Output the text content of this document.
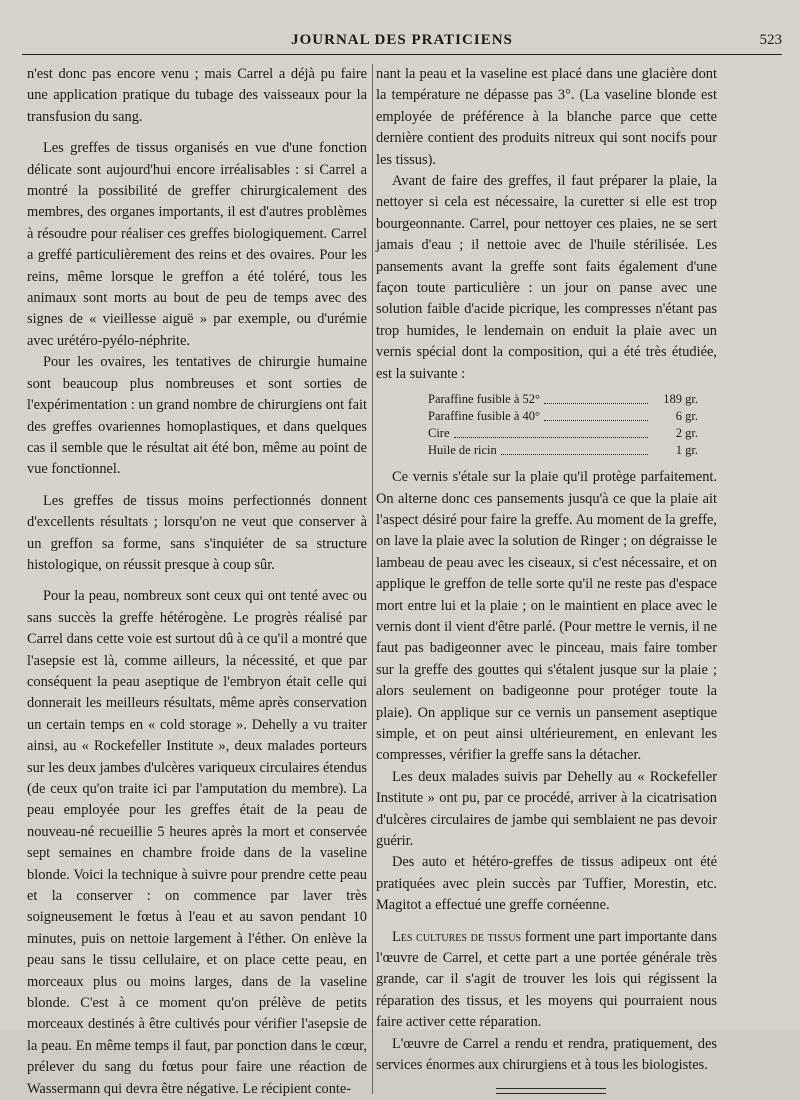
JOURNAL DES PRATICIENS	523

n'est donc pas encore venu ; mais Carrel a déjà pu faire une application pratique du tubage des vaisseaux pour la transfusion du sang.

Les greffes de tissus organisés en vue d'une fonction délicate sont aujourd'hui encore irréalisables : si Carrel a montré la possibilité de greffer chirurgicalement des membres, des organes importants, il est d'autres problèmes à résoudre pour réaliser ces greffes biologiquement. Carrel a greffé particulièrement des reins et des ovaires. Pour les reins, même lorsque le greffon a été toléré, tous les animaux sont morts au bout de peu de temps avec des signes de « vieillesse aiguë » par exemple, ou d'urémie avec urétéro-pyélo-néphrite.

Pour les ovaires, les tentatives de chirurgie humaine sont beaucoup plus nombreuses et sont sorties de l'expérimentation : un grand nombre de chirurgiens ont fait des greffes ovariennes homoplastiques, et dans quelques cas il semble que le résultat ait été bon, même au point de vue fonctionnel.

Les greffes de tissus moins perfectionnés donnent d'excellents résultats ; lorsqu'on ne veut que conserver à un greffon sa forme, sans s'inquiéter de sa structure histologique, on réussit presque à coup sûr.

Pour la peau, nombreux sont ceux qui ont tenté avec ou sans succès la greffe hétérogène. Le progrès réalisé par Carrel dans cette voie est surtout dû à ce qu'il a montré que l'asepsie est là, comme ailleurs, la nécessité, et que par conséquent la peau aseptique de l'embryon était celle qui donnerait les meilleurs résultats, même après conservation un certain temps en « cold storage ». Dehelly a vu traiter ainsi, au « Rockefeller Institute », deux malades porteurs sur les deux jambes d'ulcères variqueux circulaires étendus (de ceux qu'on traite ici par l'amputation du membre). La peau employée pour les greffes était de la peau de nouveau-né recueillie 5 heures après la mort et conservée sept semaines en chambre froide dans de la vaseline blonde. Voici la technique à suivre pour prendre cette peau et la conserver : on commence par laver très soigneusement le fœtus à l'eau et au savon pendant 10 minutes, puis on nettoie largement à l'éther. On enlève la peau sans le tissu cellulaire, et on place cette peau, en morceaux plus ou moins larges, dans de la vaseline blonde. C'est à ce moment qu'on prélève de petits morceaux destinés à être cultivés pour vérifier l'asepsie de la peau. En même temps il faut, par ponction dans le cœur, prélever du sang du fœtus pour faire une réaction de Wassermann qui devra être négative. Le récipient conte-

nant la peau et la vaseline est placé dans une glacière dont la température ne dépasse pas 3°. (La vaseline blonde est employée de préférence à la blanche parce que cette dernière contient des produits nitreux qui sont nocifs pour les tissus).

Avant de faire des greffes, il faut préparer la plaie, la nettoyer si cela est nécessaire, la curetter si elle est trop bourgeonnante. Carrel, pour nettoyer ces plaies, ne se sert jamais d'eau ; il nettoie avec de l'huile stérilisée. Les pansements avant la greffe sont faits également d'une façon toute particulière : un jour on panse avec une solution faible d'acide picrique, les compresses n'étant pas trop humides, le lendemain on enduit la plaie avec un vernis spécial dont la composition, qui a été très étudiée, est la suivante :

Paraffine fusible à 52°	189 gr.
Paraffine fusible à 40°	6 gr.
Cire	2 gr.
Huile de ricin	1 gr.

Ce vernis s'étale sur la plaie qu'il protège parfaitement. On alterne donc ces pansements jusqu'à ce que la plaie ait l'aspect désiré pour faire la greffe. Au moment de la greffe, on lave la plaie avec la solution de Ringer ; on dégraisse le lambeau de peau avec les ciseaux, si c'est nécessaire, et on applique le greffon de telle sorte qu'il ne reste pas d'espace mort entre lui et la plaie ; on le maintient en place avec le vernis dont il vient d'être parlé. (Pour mettre le vernis, il ne faut pas badigeonner avec le pinceau, mais faire tomber sur la greffe des gouttes qui s'étalent jusque sur la plaie ; alors seulement on badigeonne pour protéger toute la plaie). On applique sur ce vernis un pansement aseptique simple, et on peut ainsi ultérieurement, en enlevant les compresses, vérifier la greffe sans la détacher.

Les deux malades suivis par Dehelly au « Rockefeller Institute » ont pu, par ce procédé, arriver à la cicatrisation d'ulcères circulaires de jambe qui semblaient ne pas devoir guérir.

Des auto et hétéro-greffes de tissus adipeux ont été pratiquées avec plein succès par Tuffier, Morestin, etc. Magitot a effectué une greffe cornéenne.

Les cultures de tissus forment une part importante dans l'œuvre de Carrel, et cette part a une portée générale très grande, car il s'agit de trouver les lois qui régissent la réparation des tissus, et les moyens qui pourraient nous faire activer cette réparation.

L'œuvre de Carrel a rendu et rendra, pratiquement, des services énormes aux chirurgiens et à tous les biologistes.
